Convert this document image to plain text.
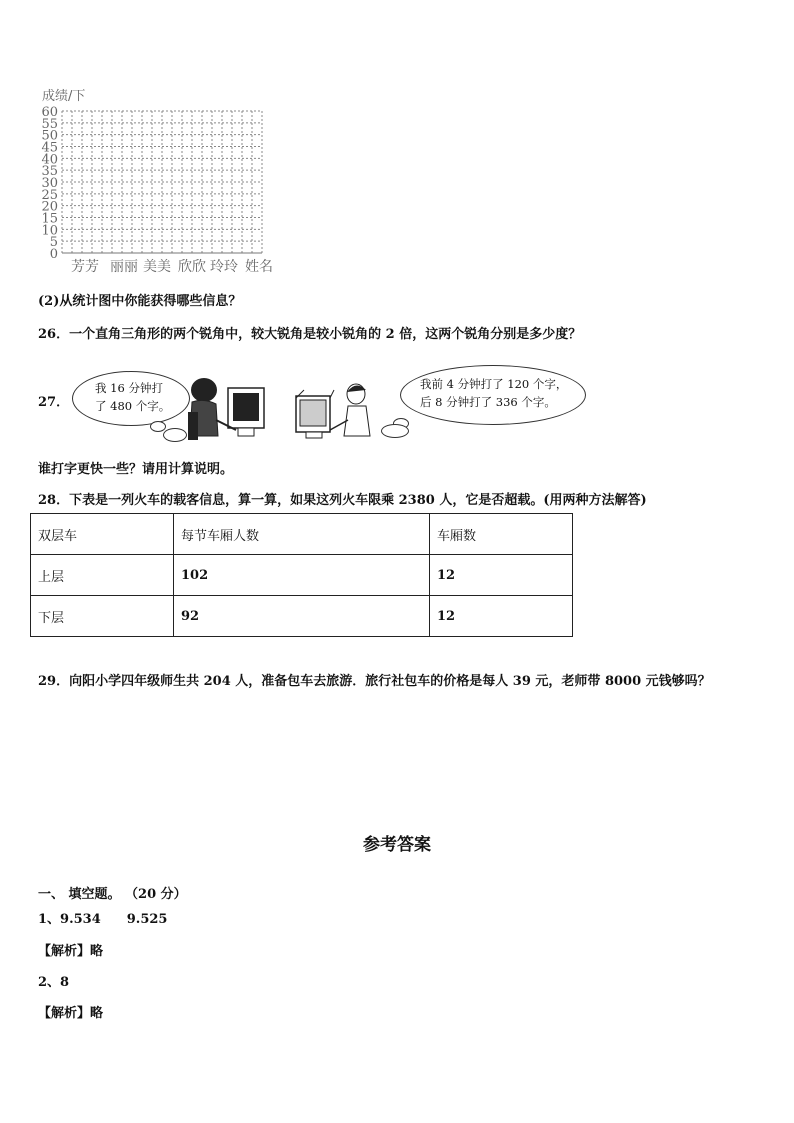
成绩/下
60
55
50
45
40
35
30
25
20
15
10
5
0
芳芳 丽丽 美美 欣欣 玲玲 姓名
(2)从统计图中你能获得哪些信息？
26．一个直角三角形的两个锐角中，较大锐角是较小锐角的 2 倍，这两个锐角分别是多少度？
27．
我 16 分钟打
了 480 个字。
我前 4 分钟打了 120 个字，
后 8 分钟打了 336 个字。
谁打字更快一些？请用计算说明。
28．下表是一列火车的载客信息，算一算，如果这列火车限乘 2380 人，它是否超载。(用两种方法解答)
双层车	每节车厢人数	车厢数
上层	102	12
下层	92	12
29．向阳小学四年级师生共 204 人，准备包车去旅游．旅行社包车的价格是每人 39 元，老师带 8000 元钱够吗？
参考答案
一、 填空题。 （20 分）
1、9.534　　9.525
【解析】略
2、8
【解析】略
